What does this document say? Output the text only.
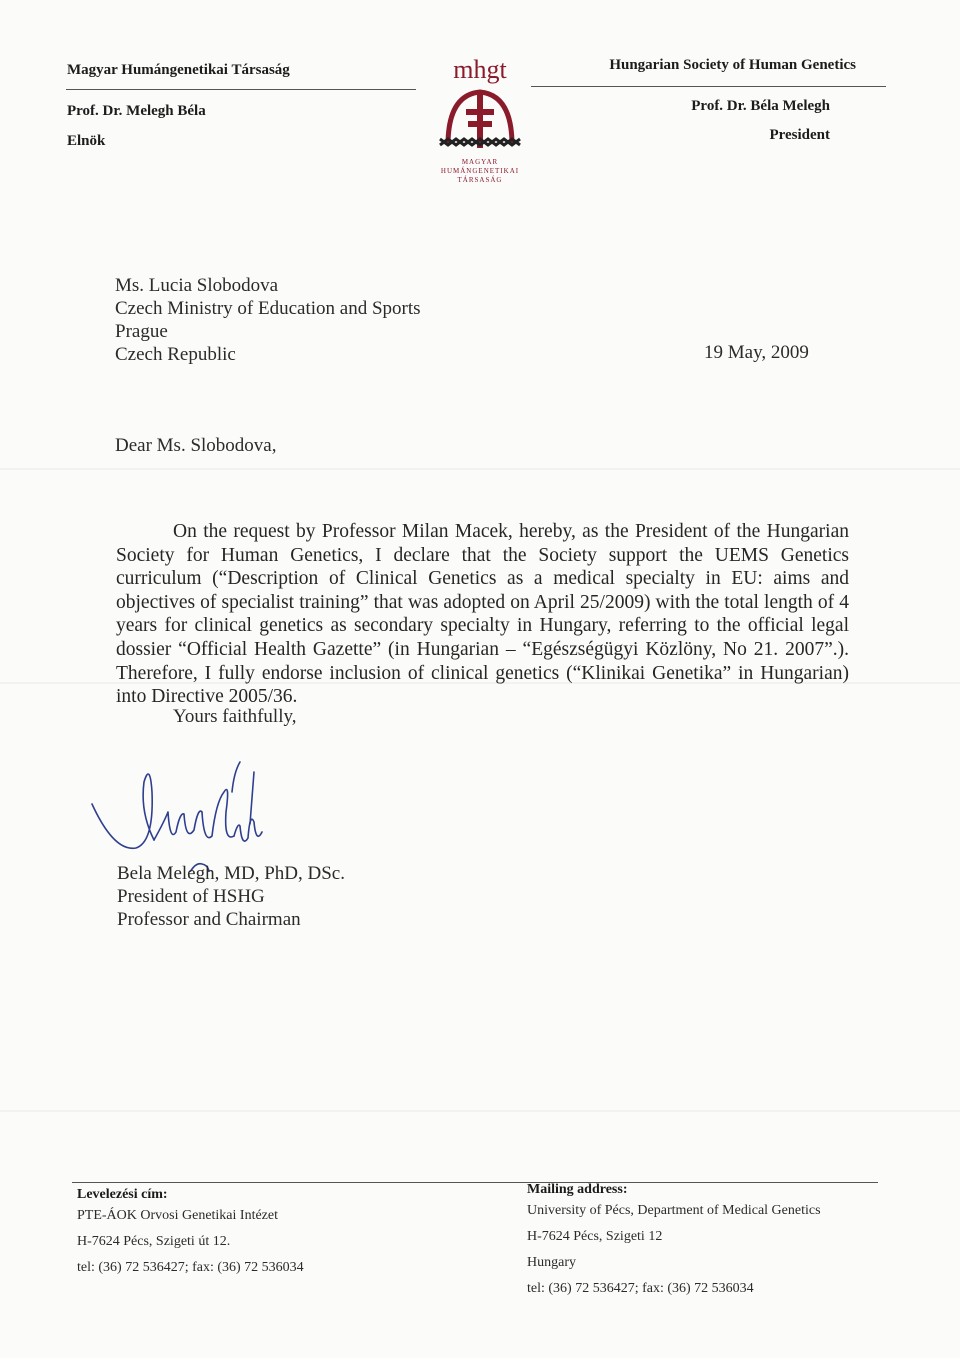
Magyar Humángenetikai Társaság
Prof. Dr. Melegh Béla
Elnök
Hungarian Society of Human Genetics
Prof. Dr. Béla Melegh
President
mhgt
MAGYAR
HUMÁNGENETIKAI
TÁRSASÁG
Ms. Lucia Slobodova
Czech Ministry of Education and Sports
Prague
Czech Republic	19 May, 2009
Dear Ms. Slobodova,
On the request by Professor Milan Macek, hereby, as the President of the Hungarian Society for Human Genetics, I declare that the Society support the UEMS Genetics curriculum (“Description of Clinical Genetics as a medical specialty in EU: aims and objectives of specialist training” that was adopted on April 25/2009) with the total length of 4 years for clinical genetics as secondary specialty in Hungary, referring to the official legal dossier “Official Health Gazette” (in Hungarian – “Egészségügyi Közlöny, No 21. 2007”.). Therefore, I fully endorse inclusion of clinical genetics (“Klinikai Genetika” in Hungarian) into Directive 2005/36.
Yours faithfully,
Bela Melegh, MD, PhD, DSc.
President of HSHG
Professor and Chairman
Levelezési cím:
PTE-ÁOK Orvosi Genetikai Intézet
H-7624 Pécs, Szigeti út 12.
tel: (36) 72 536427; fax: (36) 72 536034
Mailing address:
University of Pécs, Department of Medical Genetics
H-7624 Pécs, Szigeti 12
Hungary
tel: (36) 72 536427; fax: (36) 72 536034
